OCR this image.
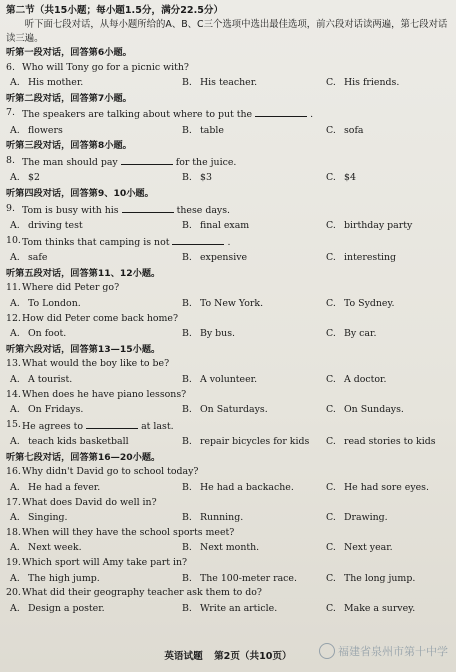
第二节（共15小题；每小题1.5分，满分22.5分）

听下面七段对话，从每小题所给的A、B、C三个选项中选出最佳选项，前六段对话读两遍，第七段对话读三遍。

听第一段对话，回答第6小题。
6. Who will Tony go for a picnic with?
A. His mother.	B. His teacher.	C. His friends.
听第二段对话，回答第7小题。
7. The speakers are talking about where to put the	.
A. flowers	B. table	C. sofa
听第三段对话，回答第8小题。
8. The man should pay	for the juice.
A. $2	B. $3	C. $4
听第四段对话，回答第9、10小题。
9. Tom is busy with his	these days.
A. driving test	B. final exam	C. birthday party
10. Tom thinks that camping is not	.
A. safe	B. expensive	C. interesting
听第五段对话，回答第11、12小题。
11. Where did Peter go?
A. To London.	B. To New York.	C. To Sydney.
12. How did Peter come back home?
A. On foot.	B. By bus.	C. By car.
听第六段对话，回答第13—15小题。
13. What would the boy like to be?
A. A tourist.	B. A volunteer.	C. A doctor.
14. When does he have piano lessons?
A. On Fridays.	B. On Saturdays.	C. On Sundays.
15. He agrees to	at last.
A. teach kids basketball	B. repair bicycles for kids C. read stories to kids
听第七段对话，回答第16—20小题。
16. Why didn't David go to school today?
A. He had a fever.	B. He had a backache.	C. He had sore eyes.
17. What does David do well in?
A. Singing.	B. Running.	C. Drawing.
18. When will they have the school sports meet?
A. Next week.	B. Next month.	C. Next year.
19. Which sport will Amy take part in?
A. The high jump.	B. The 100-meter race.	C. The long jump.
20. What did their geography teacher ask them to do?
A. Design a poster.	B. Write an article.	C. Make a survey.
英语试题 第2页（共10页）	福建省泉州市第十中学
